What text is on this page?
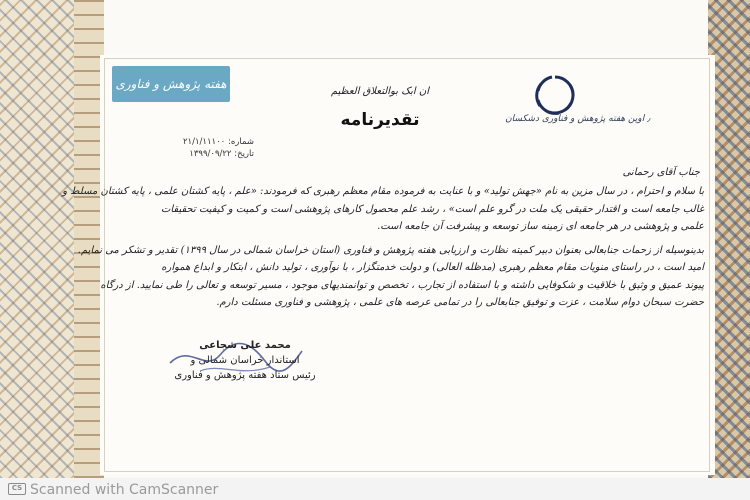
هفته پژوهش و فناوری
٫ اوین هفته پژوهش و فناوری دشکسان
ان ابک بوالتعلاق العظيم
تقدیرنامه
شماره: ۲۱/۱/۱۱۱۰۰
تاریخ: ۱۳۹۹/۰۹/۲۲
جناب آقای رحمانی

با سلام و احترام ، در سال مزین به نام «جهش تولید» و با عنایت به فرموده مقام معظم رهبری که فرمودند: «علم ، پایه کشتان علمی ، پایه کشتان مسلط و

غالب جامعه است و اقتدار حقیقی یک ملت در گرو علم است» ، رشد علم محصول کارهای پژوهشی است و کمیت و کیفیت تحقیقات

علمی و پژوهشی در هر جامعه ای زمینه ساز توسعه و پیشرفت آن جامعه است.

بدینوسیله از زحمات جنابعالی بعنوان دبیر کمیته نظارت و ارزیابی هفته پژوهش و فناوری (استان خراسان شمالی در سال ۱۳۹۹) تقدیر و تشکر می نمایم.

امید است ، در راستای منویات مقام معظم رهبری (مدظله العالی) و دولت خدمتگزار ، با نوآوری ، تولید دانش ، ابتکار و ابداع همواره

پیوند عمیق و وثیق با خلاقیت و شکوفایی داشته و با استفاده از تجارب ، تخصص و توانمندیهای موجود ، مسیر توسعه و تعالی را طی نمایید. از درگاه

حضرت سبحان دوام سلامت ، عزت و توفیق جنابعالی را در تمامی عرصه های علمی ، پژوهشی و فناوری مسئلت دارم.

محمد علی شجاعی
استاندار خراسان شمالی و
رئیس ستاد هفته پژوهش و فناوری
CS Scanned with CamScanner
